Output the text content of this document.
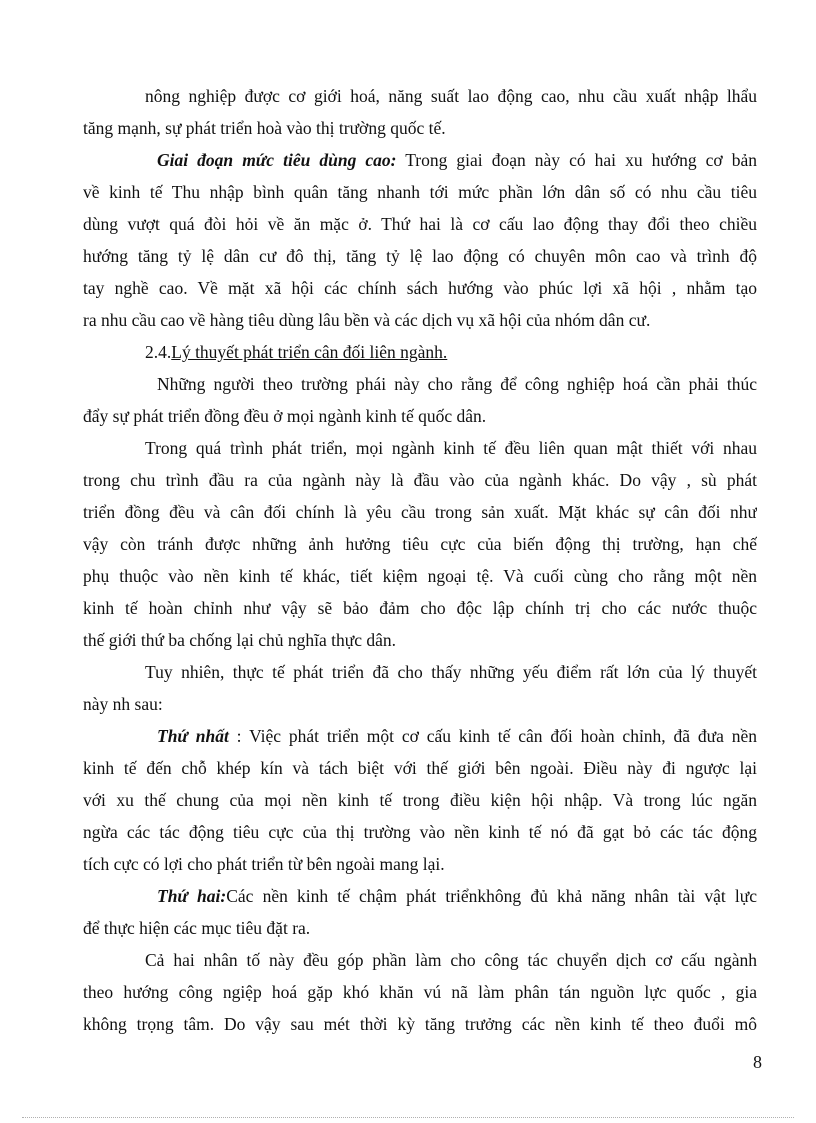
nông nghiệp được cơ giới hoá, năng suất lao động cao, nhu cầu xuất nhập lhẩu
tăng mạnh, sự phát triển hoà vào thị trường quốc tế.
Giai đoạn mức tiêu dùng cao: Trong giai đoạn này có hai xu hướng cơ bản
về kinh tế Thu nhập bình quân tăng nhanh tới mức phần lớn dân số có nhu cầu tiêu
dùng vượt quá đòi hỏi về ăn mặc ở. Thứ hai là cơ cấu lao động thay đổi theo chiều
hướng tăng tỷ lệ dân cư đô thị, tăng tỷ lệ lao động có chuyên môn cao và trình độ
tay nghề cao. Về mặt xã hội các chính sách hướng vào phúc lợi xã hội , nhằm tạo
ra nhu cầu cao về hàng tiêu dùng lâu bền và các dịch vụ xã hội của nhóm dân cư.
2.4.Lý thuyết phát triển cân đối liên ngành.
Những người theo trường phái này cho rằng để công nghiệp hoá cần phải thúc
đẩy sự phát triển đồng đều ở mọi ngành kinh tế quốc dân.
Trong quá trình phát triển, mọi ngành kinh tế đều liên quan mật thiết với nhau
trong chu trình đầu ra của ngành này là đầu vào của ngành khác. Do vậy , sù phát
triển đồng đều và cân đối chính là yêu cầu trong sản xuất. Mặt khác sự cân đối như
vậy còn tránh được những ảnh hưởng tiêu cực của biến động thị trường, hạn chế
phụ thuộc vào nền kinh tế khác, tiết kiệm ngoại tệ. Và cuối cùng cho rằng một nền
kinh tế hoàn chỉnh như vậy sẽ bảo đảm cho độc lập chính trị cho các nước thuộc
thế giới thứ ba chống lại chủ nghĩa thực dân.
Tuy nhiên, thực tế phát triển đã cho thấy những yếu điểm rất lớn của lý thuyết
này nh sau:
Thứ nhất : Việc phát triển một cơ cấu kinh tế cân đối hoàn chỉnh, đã đưa nền
kinh tế đến chỗ khép kín và tách biệt với thế giới bên ngoài. Điều này đi ngược lại
với xu thế chung của mọi nền kinh tế trong điều kiện hội nhập. Và trong lúc ngăn
ngừa các tác động tiêu cực của thị trường vào nền kinh tế nó đã gạt bỏ các tác động
tích cực có lợi cho phát triển từ bên ngoài mang lại.
Thứ hai:Các nền kinh tế chậm phát triểnkhông đủ khả năng nhân tài vật lực
để thực hiện các mục tiêu đặt ra.
Cả hai nhân tố này đều góp phần làm cho công tác chuyển dịch cơ cấu ngành
theo hướng công ngiệp hoá gặp khó khăn vú nã làm phân tán nguồn lực quốc , gia
không trọng tâm. Do vậy sau mét thời kỳ tăng trưởng các nền kinh tế theo đuổi mô
8
